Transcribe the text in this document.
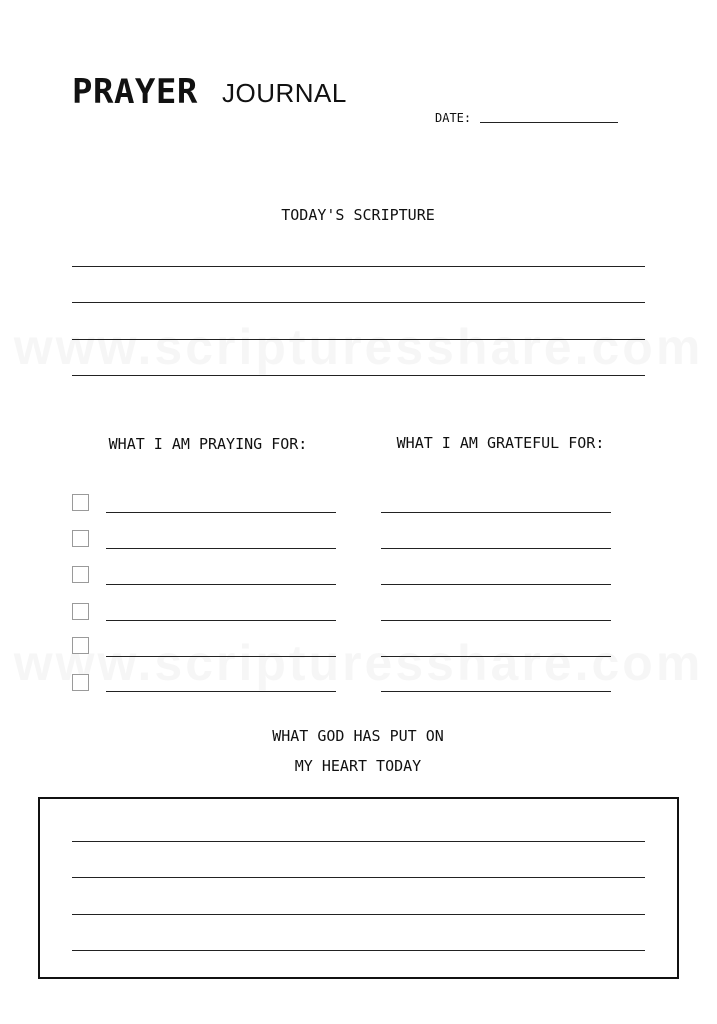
PRAYER JOURNAL
DATE:
TODAY'S SCRIPTURE
WHAT I AM PRAYING FOR:	WHAT I AM GRATEFUL FOR:
WHAT GOD HAS PUT ON
MY HEART TODAY
